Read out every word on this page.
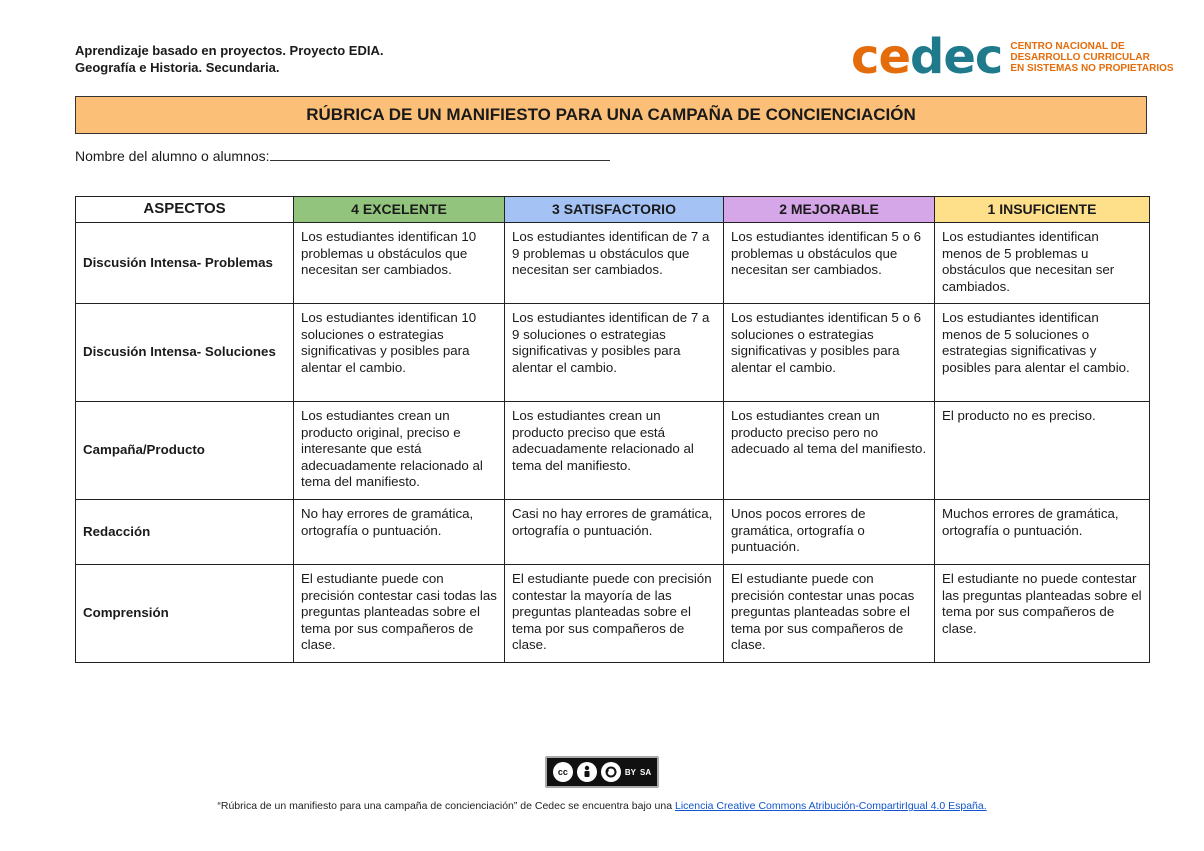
Aprendizaje basado en proyectos. Proyecto EDIA.
Geografía e Historia. Secundaria.	cedec CENTRO NACIONAL DE
DESARROLLO CURRICULAR
EN SISTEMAS NO PROPIETARIOS
RÚBRICA DE UN MANIFIESTO PARA UNA CAMPAÑA DE CONCIENCIACIÓN
Nombre del alumno o alumnos:
ASPECTOS	4 EXCELENTE	3 SATISFACTORIO	2 MEJORABLE	1 INSUFICIENTE
Discusión Intensa- Problemas	Los estudiantes identifican 10 problemas u obstáculos que necesitan ser cambiados.	Los estudiantes identifican de 7 a 9 problemas u obstáculos que necesitan ser cambiados.	Los estudiantes identifican 5 o 6 problemas u obstáculos que necesitan ser cambiados.	Los estudiantes identifican menos de 5 problemas u obstáculos que necesitan ser cambiados.
Discusión Intensa- Soluciones	Los estudiantes identifican 10 soluciones o estrategias significativas y posibles para alentar el cambio.	Los estudiantes identifican de 7 a 9 soluciones o estrategias significativas y posibles para alentar el cambio.	Los estudiantes identifican 5 o 6 soluciones o estrategias significativas y posibles para alentar el cambio.	Los estudiantes identifican menos de 5 soluciones o estrategias significativas y posibles para alentar el cambio.
Campaña/Producto	Los estudiantes crean un producto original, preciso e interesante que está adecuadamente relacionado al tema del manifiesto.	Los estudiantes crean un producto preciso que está adecuadamente relacionado al tema del manifiesto.	Los estudiantes crean un producto preciso pero no adecuado al tema del manifiesto.	El producto no es preciso.
Redacción	No hay errores de gramática, ortografía o puntuación.	Casi no hay errores de gramática, ortografía o puntuación.	Unos pocos errores de gramática, ortografía o puntuación.	Muchos errores de gramática, ortografía o puntuación.
Comprensión	El estudiante puede con precisión contestar casi todas las preguntas planteadas sobre el tema por sus compañeros de clase.	El estudiante puede con precisión contestar la mayoría de las preguntas planteadas sobre el tema por sus compañeros de clase.	El estudiante puede con precisión contestar unas pocas preguntas planteadas sobre el tema por sus compañeros de clase.	El estudiante no puede contestar las preguntas planteadas sobre el tema por sus compañeros de clase.
cc	BY SA
“Rúbrica de un manifiesto para una campaña de concienciación” de Cedec se encuentra bajo una Licencia Creative Commons Atribución-CompartirIgual 4.0 España.
